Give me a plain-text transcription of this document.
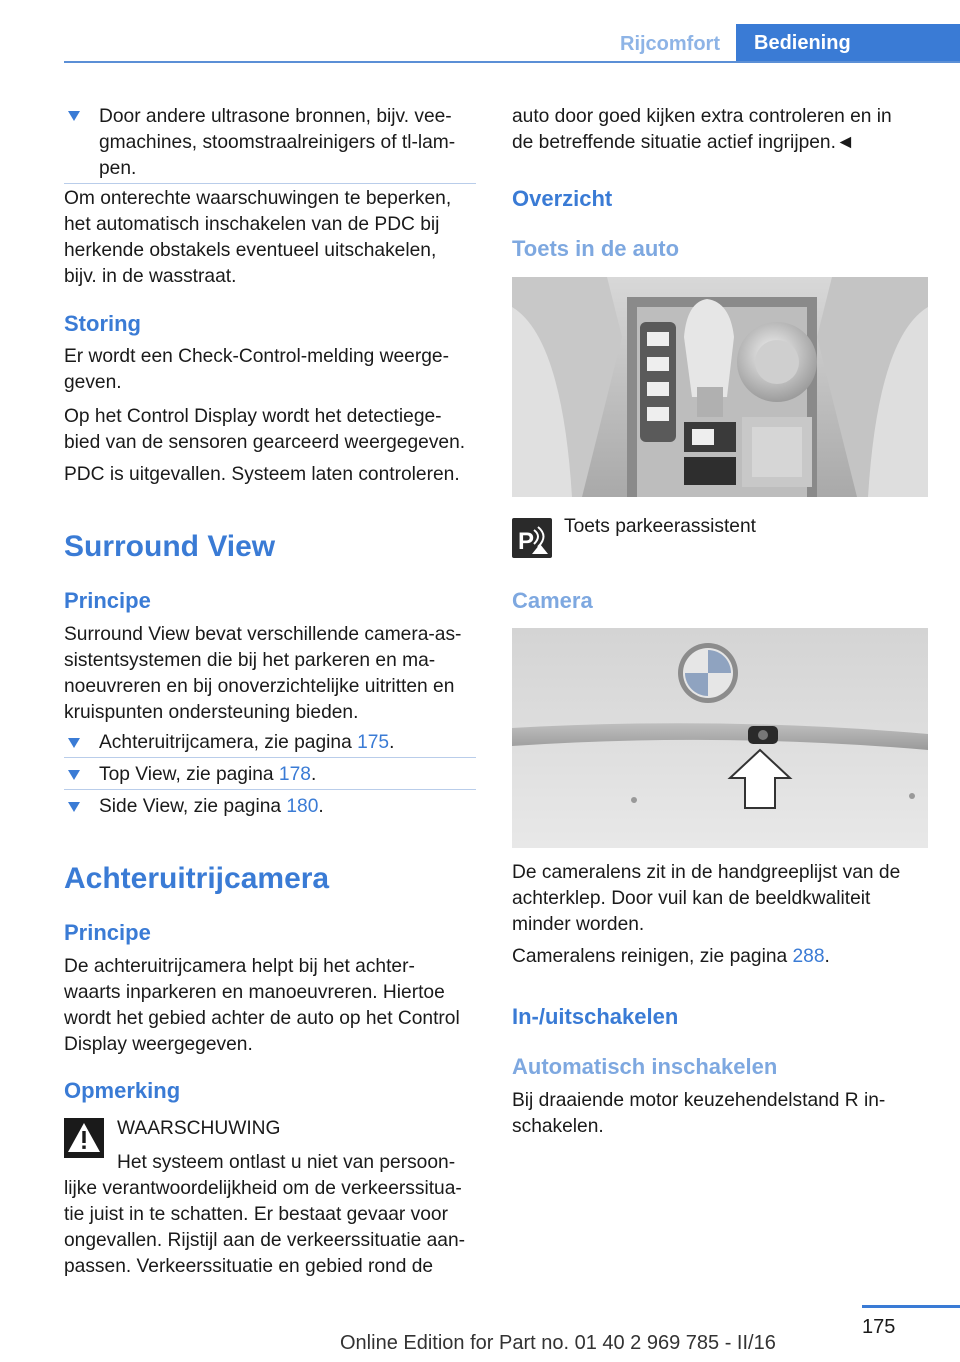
Rijcomfort	Bediening

Door andere ultrasone bronnen, bijv. vee-

gmachines, stoomstraalreinigers of tl-lam-

pen.

Om onterechte waarschuwingen te beperken,

het automatisch inschakelen van de PDC bij

herkende obstakels eventueel uitschakelen,

bijv. in de wasstraat.

Storing

Er wordt een Check-Control-melding weerge-

geven.

Op het Control Display wordt het detectiege-

bied van de sensoren gearceerd weergegeven.

PDC is uitgevallen. Systeem laten controleren.

Surround View
Principe

Surround View bevat verschillende camera-as-

sistentsystemen die bij het parkeren en ma-

noeuvreren en bij onoverzichtelijke uitritten en

kruispunten ondersteuning bieden.

Achteruitrijcamera, zie pagina 175.

Top View, zie pagina 178.

Side View, zie pagina 180.

Achteruitrijcamera
Principe

De achteruitrijcamera helpt bij het achter-

waarts inparkeren en manoeuvreren. Hiertoe

wordt het gebied achter de auto op het Control

Display weergegeven.

Opmerking

WAARSCHUWING

Het systeem ontlast u niet van persoon-

lijke verantwoordelijkheid om de verkeerssitua-

tie juist in te schatten. Er bestaat gevaar voor

ongevallen. Rijstijl aan de verkeerssituatie aan-

passen. Verkeerssituatie en gebied rond de

auto door goed kijken extra controleren en in

de betreffende situatie actief ingrijpen.◄

Overzicht
Toets in de auto
P

Toets parkeerassistent

Camera

De cameralens zit in de handgreeplijst van de

achterklep. Door vuil kan de beeldkwaliteit

minder worden.

Cameralens reinigen, zie pagina 288.

In-/uitschakelen
Automatisch inschakelen

Bij draaiende motor keuzehendelstand R in-

schakelen.

175
Online Edition for Part no. 01 40 2 969 785 - II/16
